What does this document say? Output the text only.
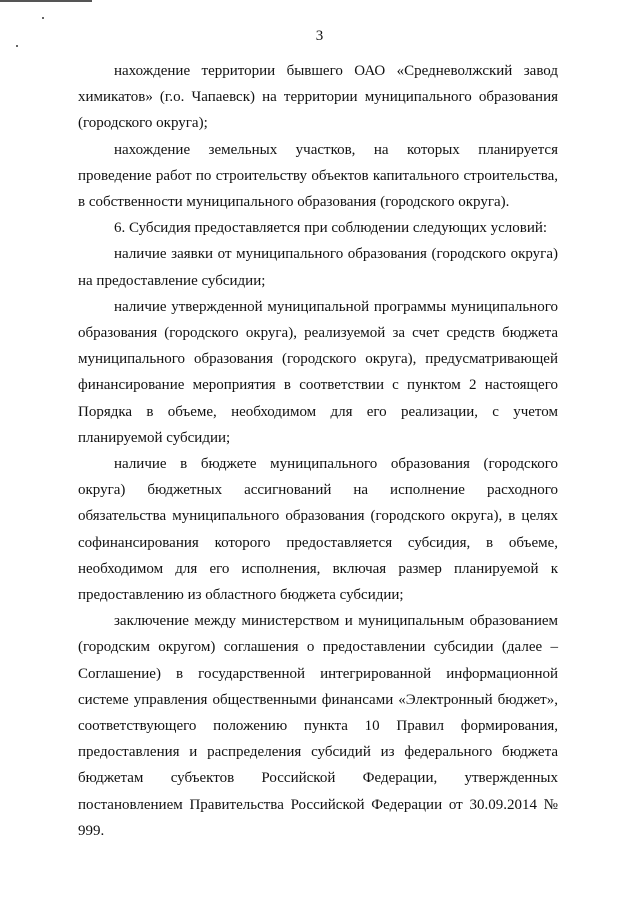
3

нахождение территории бывшего ОАО «Средневолжский завод химикатов» (г.о. Чапаевск) на территории муниципального образования (городского округа);

нахождение земельных участков, на которых планируется проведение работ по строительству объектов капитального строительства, в собственности муниципального образования (городского округа).

6. Субсидия предоставляется при соблюдении следующих условий:

наличие заявки от муниципального образования (городского округа) на предоставление субсидии;

наличие утвержденной муниципальной программы муниципального образования (городского округа), реализуемой за счет средств бюджета муниципального образования (городского округа), предусматривающей финансирование мероприятия в соответствии с пунктом 2 настоящего Порядка в объеме, необходимом для его реализации, с учетом планируемой субсидии;

наличие в бюджете муниципального образования (городского округа) бюджетных ассигнований на исполнение расходного обязательства муниципального образования (городского округа), в целях софинансирования которого предоставляется субсидия, в объеме, необходимом для его исполнения, включая размер планируемой к предоставлению из областного бюджета субсидии;

заключение между министерством и муниципальным образованием (городским округом) соглашения о предоставлении субсидии (далее – Соглашение) в государственной интегрированной информационной системе управления общественными финансами «Электронный бюджет», соответствующего положению пункта 10 Правил формирования, предоставления и распределения субсидий из федерального бюджета бюджетам субъектов Российской Федерации, утвержденных постановлением Правительства Российской Федерации от 30.09.2014 № 999.
